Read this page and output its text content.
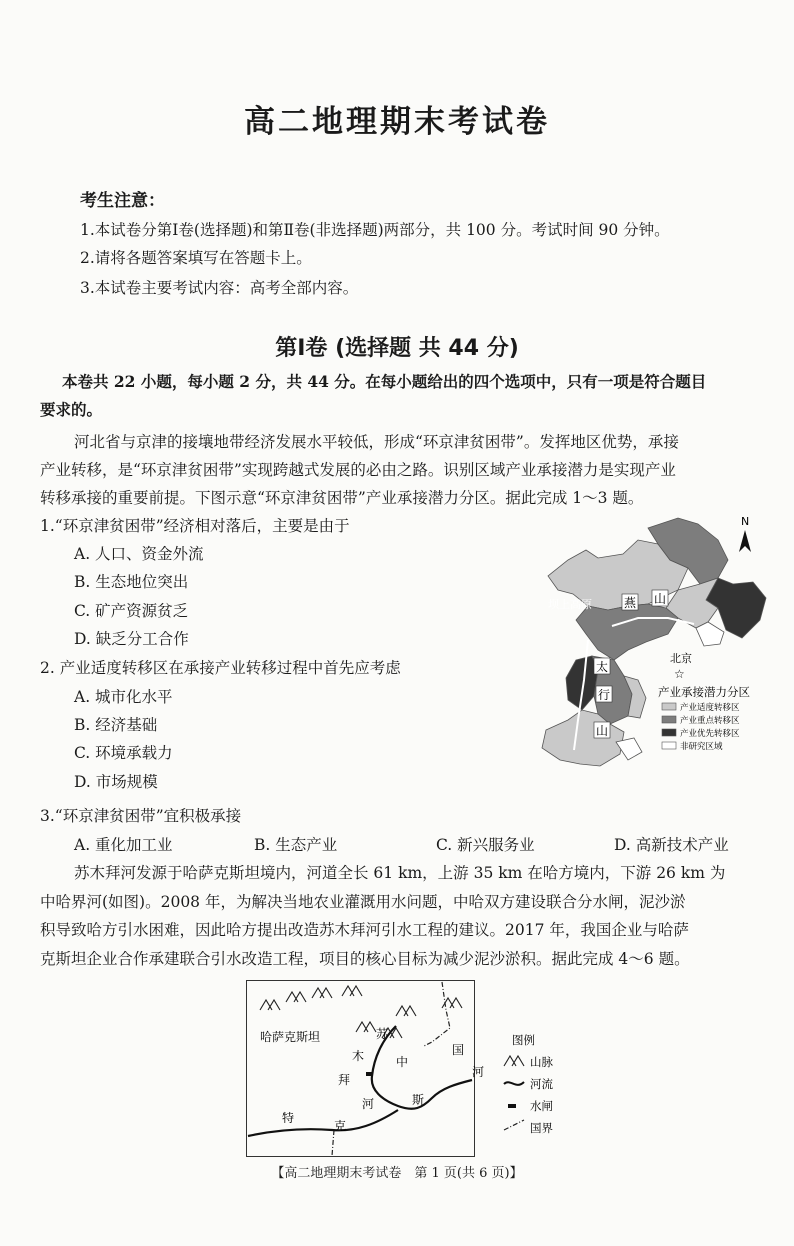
高二地理期末考试卷
考生注意：
1.本试卷分第Ⅰ卷(选择题)和第Ⅱ卷(非选择题)两部分，共 100 分。考试时间 90 分钟。
2.请将各题答案填写在答题卡上。
3.本试卷主要考试内容：高考全部内容。
第Ⅰ卷 (选择题 共 44 分)
本卷共 22 小题，每小题 2 分，共 44 分。在每小题给出的四个选项中，只有一项是符合题目
要求的。
河北省与京津的接壤地带经济发展水平较低，形成“环京津贫困带”。发挥地区优势，承接
产业转移，是“环京津贫困带”实现跨越式发展的必由之路。识别区域产业承接潜力是实现产业
转移承接的重要前提。下图示意“环京津贫困带”产业承接潜力分区。据此完成 1～3 题。
1.“环京津贫困带”经济相对落后，主要是由于
A. 人口、资金外流
B. 生态地位突出
C. 矿产资源贫乏
D. 缺乏分工合作
2. 产业适度转移区在承接产业转移过程中首先应考虑
A. 城市化水平
B. 经济基础
C. 环境承载力
D. 市场规模
3.“环京津贫困带”宜积极承接
A. 重化加工业	B. 生态产业	C. 新兴服务业	D. 高新技术产业
苏木拜河发源于哈萨克斯坦境内，河道全长 61 km，上游 35 km 在哈方境内，下游 26 km 为
中哈界河(如图)。2008 年，为解决当地农业灌溉用水问题，中哈双方建设联合分水闸，泥沙淤
积导致哈方引水困难，因此哈方提出改造苏木拜河引水工程的建议。2017 年，我国企业与哈萨
克斯坦企业合作承建联合引水改造工程，项目的核心目标为减少泥沙淤积。据此完成 4～6 题。
坝上高原	燕 山
太
行
山
北京
☆
N
产业承接潜力分区
产业适度转移区
产业重点转移区
产业优先转移区
非研究区域
哈萨克斯坦	苏
木
拜
河
中
国
河
斯
特
克
图例
山脉
河流
水闸
国界
【高二地理期末考试卷　第 1 页(共 6 页)】
